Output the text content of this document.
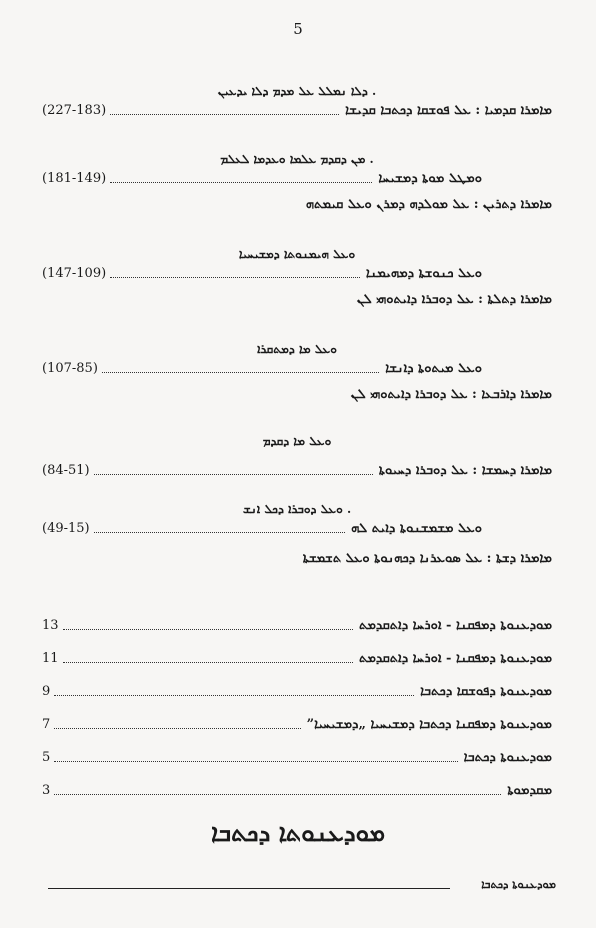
5
ܕܠܐ ܢܡܠܠ ܥܠ ܡܕܡ ܕܠܐ ܝܕܥܝܢ .
ܡܐܡܪܐ ܩܕܡܝܐ : ܥܠ ܦܘܫܩܐ ܕܟܬܒܐ ܩܕܝܫܐ
(227-183)
ܡܢ ܕܩܕܡ ܥܠܡܐ ܘܥܕܡܐ ܠܥܠܡ .
ܘܡܛܠ ܡܘܬܐ ܕܡܫܝܚܐ
(181-149)
ܡܐܡܪܐ ܕܬܪܝܢ : ܥܠ ܡܘܠܕܗ ܕܡܪܢ ܘܥܠ ܩܝܡܬܗ
ܘܥܠ ܗܝܡܢܘܬܐ ܕܡܫܝܚܝܐ
ܘܥܠ ܟܢܘܫܬܐ ܕܡܗܝܡܢܐ
(147-109)
ܡܐܡܪܐ ܕܬܠܬܐ : ܥܠ ܕܘܒܪܐ ܕܐܝܬܘܗܝ ܠܢ
ܘܥܠ ܡܐ ܕܡܬܩܪܐ
ܘܥܠ ܡܝܬܘܬܐ ܕܐܢܫܐ
(107-85)
ܡܐܡܪܐ ܕܐܪܒܥܐ : ܥܠ ܕܘܒܪܐ ܕܐܝܬܘܗܝ ܠܢ
ܘܥܠ ܡܐ ܕܩܕܡ
ܡܐܡܪܐ ܕܚܡܫܐ : ܥܠ ܕܘܒܪܐ ܕܚܝܘܬܐ
(84-51)
ܘܥܠ ܕܘܒܪܐ ܕܟܠ ܐܢܫ .
ܘܥܠ ܡܫܡܫܢܘܬܐ ܕܐܝܬ ܠܗ
(49-15)
ܡܐܡܪܐ ܕܫܬܐ : ܥܠ ܣܘܥܪܢܐ ܕܟܗܢܘܬܐ ܘܥܠ ܬܫܡܫܬܐ
ܡܘܕܥܢܘܬܐ ܕܡܦܩܢܐ - ܐܘܪܚܐ ܕܐܬܩܕܡܬ
13
ܡܘܕܥܢܘܬܐ ܕܡܦܩܢܐ - ܐܘܪܚܐ ܕܐܬܩܕܡܬ
11
ܡܘܕܥܢܘܬܐ ܕܦܘܫܩܐ ܕܟܬܒܐ
9
ܡܘܕܥܢܘܬܐ ܕܡܦܩܢܐ ܕܟܬܒܐ ܕܡܫܝܚܝܐ „ܕܡܫܝܚܝܐ”
7
ܡܘܕܥܢܘܬܐ ܕܟܬܒܐ
5
ܡܩܕܡܘܬܐ
3
ܡܘܕܥܢܘܬܐ ܕܟܬܒܐ
ܡܘܕܥܢܘܬܐ ܕܟܬܒܐ
